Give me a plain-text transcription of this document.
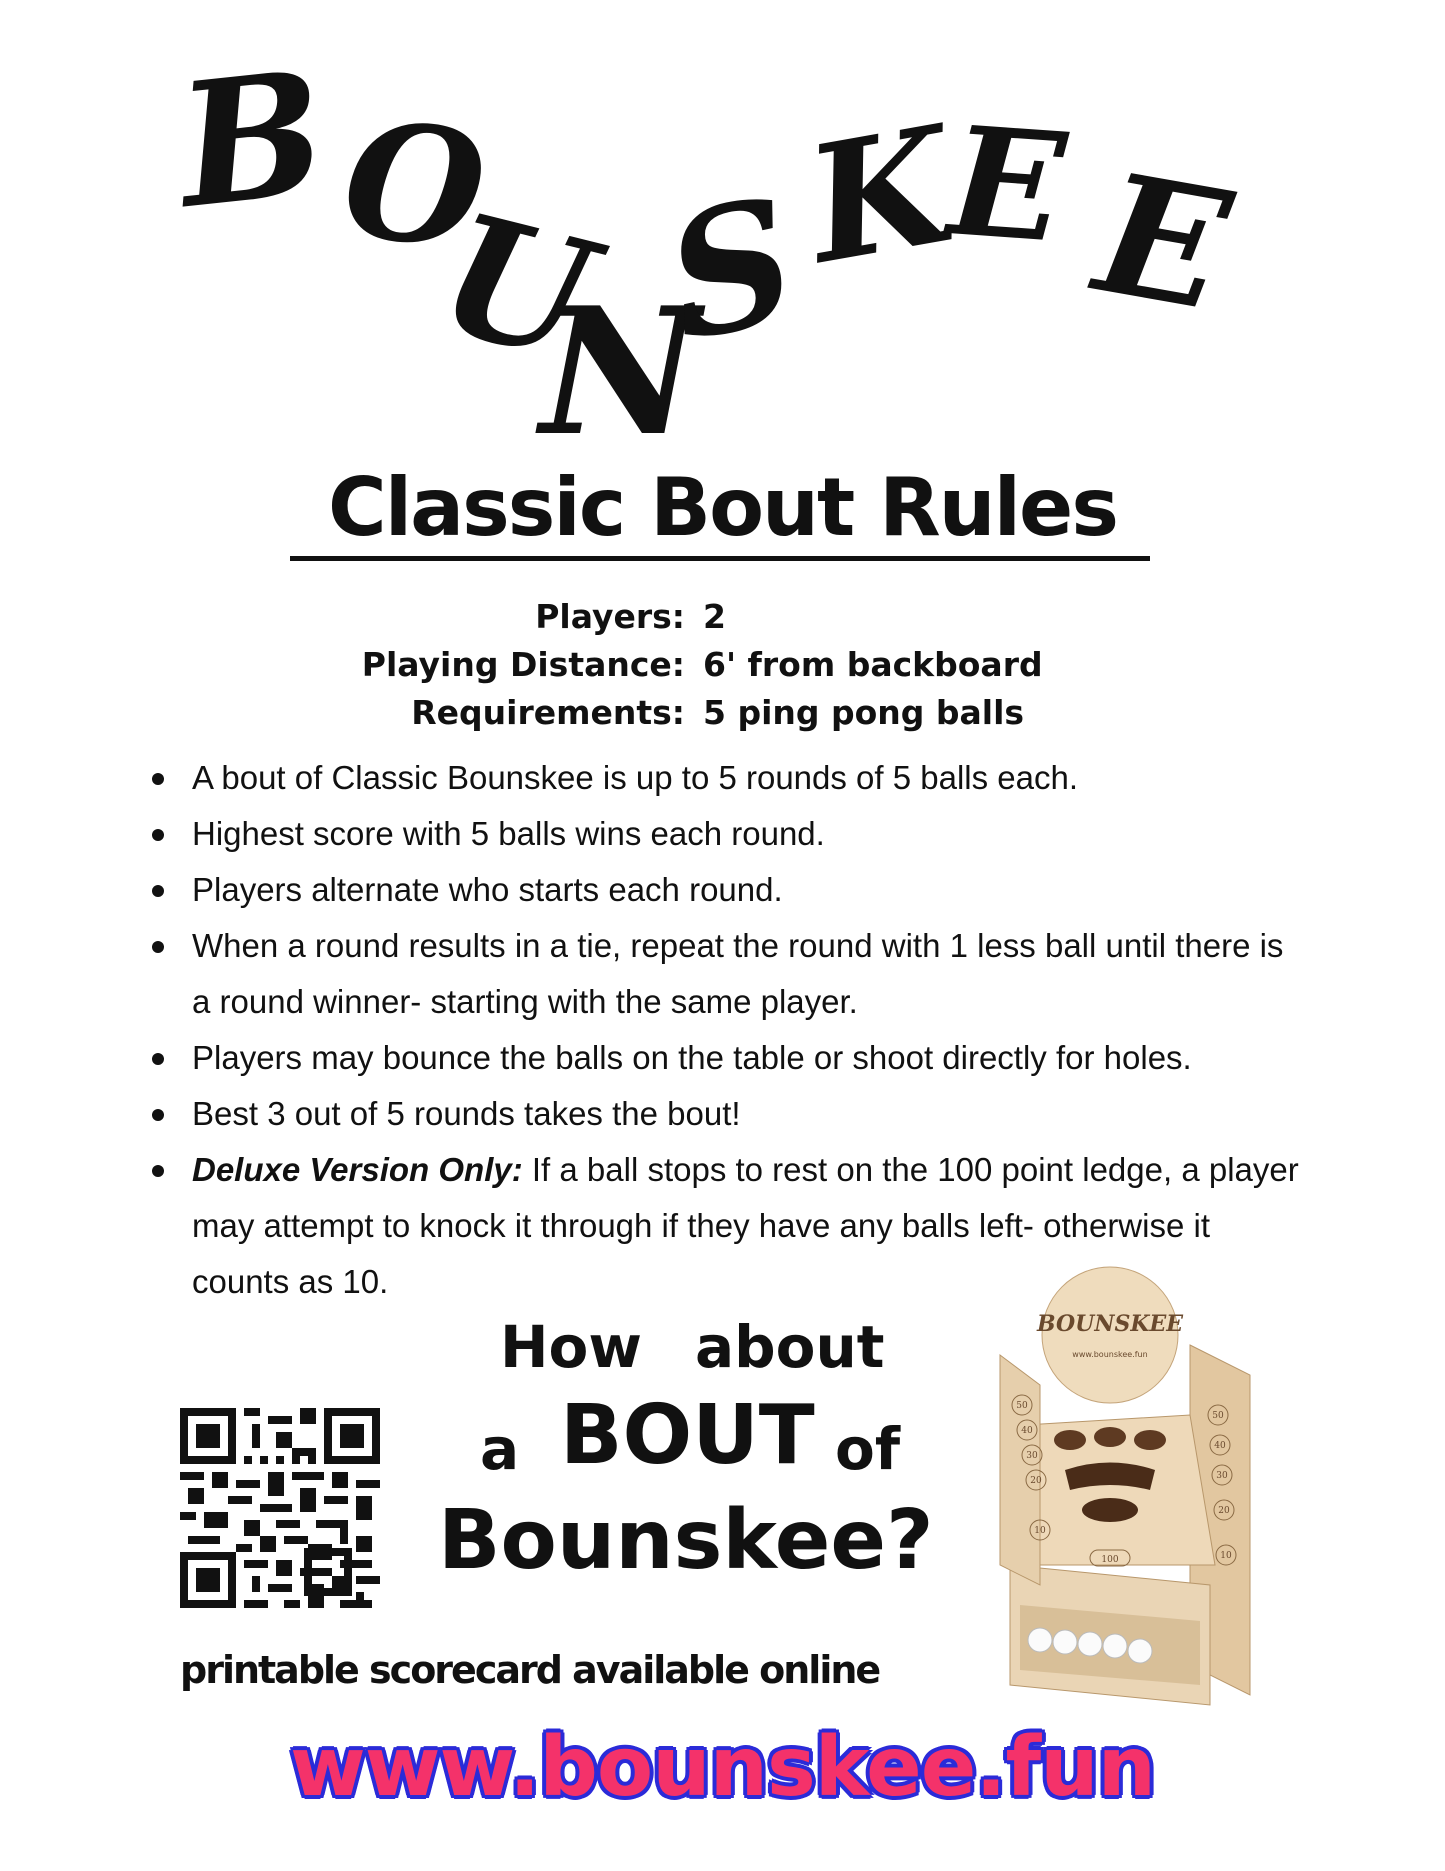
B O
U
N
S
K
E E
Classic Bout Rules
Players: 2
Playing Distance: 6' from backboard
Requirements: 5 ping pong balls
A bout of Classic Bounskee is up to 5 rounds of 5 balls each.
Highest score with 5 balls wins each round.
Players alternate who starts each round.
When a round results in a tie, repeat the round with 1 less ball until there is a round winner- starting with the same player.
Players may bounce the balls on the table or shoot directly for holes.
Best 3 out of 5 rounds takes the bout!
Deluxe Version Only: If a ball stops to rest on the 100 point ledge, a player may attempt to knock it through if they have any balls left- otherwise it counts as 10.
How about
a BOUT of
Bounskee?
printable scorecard available online
BOUNSKEE
www.bounskee.fun
50
40
30
20
10
50
40
30
20
10
100
www.bounskee.fun
